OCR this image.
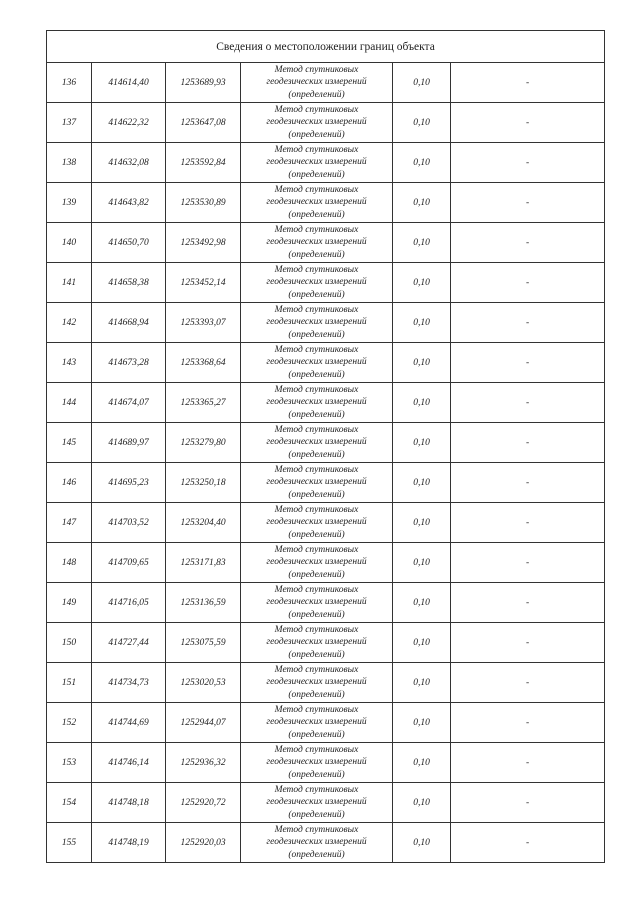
Сведения о местоположении границ объекта					
136	414614,40	1253689,93	Метод спутниковых
геодезических измерений
(определений)	0,10	-
137	414622,32	1253647,08	Метод спутниковых
геодезических измерений
(определений)	0,10	-
138	414632,08	1253592,84	Метод спутниковых
геодезических измерений
(определений)	0,10	-
139	414643,82	1253530,89	Метод спутниковых
геодезических измерений
(определений)	0,10	-
140	414650,70	1253492,98	Метод спутниковых
геодезических измерений
(определений)	0,10	-
141	414658,38	1253452,14	Метод спутниковых
геодезических измерений
(определений)	0,10	-
142	414668,94	1253393,07	Метод спутниковых
геодезических измерений
(определений)	0,10	-
143	414673,28	1253368,64	Метод спутниковых
геодезических измерений
(определений)	0,10	-
144	414674,07	1253365,27	Метод спутниковых
геодезических измерений
(определений)	0,10	-
145	414689,97	1253279,80	Метод спутниковых
геодезических измерений
(определений)	0,10	-
146	414695,23	1253250,18	Метод спутниковых
геодезических измерений
(определений)	0,10	-
147	414703,52	1253204,40	Метод спутниковых
геодезических измерений
(определений)	0,10	-
148	414709,65	1253171,83	Метод спутниковых
геодезических измерений
(определений)	0,10	-
149	414716,05	1253136,59	Метод спутниковых
геодезических измерений
(определений)	0,10	-
150	414727,44	1253075,59	Метод спутниковых
геодезических измерений
(определений)	0,10	-
151	414734,73	1253020,53	Метод спутниковых
геодезических измерений
(определений)	0,10	-
152	414744,69	1252944,07	Метод спутниковых
геодезических измерений
(определений)	0,10	-
153	414746,14	1252936,32	Метод спутниковых
геодезических измерений
(определений)	0,10	-
154	414748,18	1252920,72	Метод спутниковых
геодезических измерений
(определений)	0,10	-
155	414748,19	1252920,03	Метод спутниковых
геодезических измерений
(определений)	0,10	-
